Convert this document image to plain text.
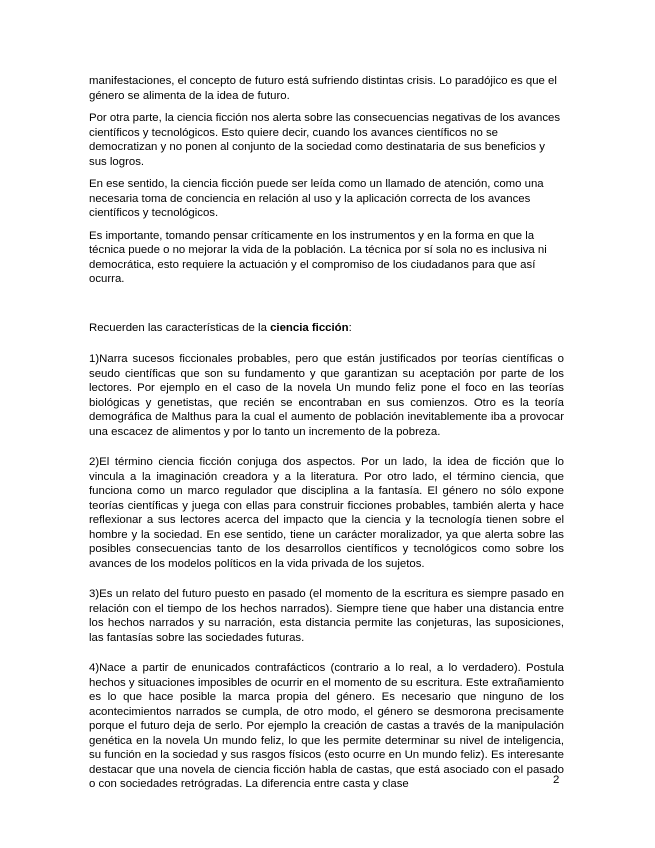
manifestaciones, el concepto de futuro está sufriendo distintas crisis. Lo paradójico es que el género se alimenta de la idea de futuro.

Por otra parte, la ciencia ficción nos alerta sobre las consecuencias negativas de los avances científicos y tecnológicos. Esto quiere decir, cuando los avances científicos no se democratizan y no ponen al conjunto de la sociedad como destinataria de sus beneficios y sus logros.

En ese sentido, la ciencia ficción puede ser leída como un llamado de atención, como una necesaria toma de conciencia en relación al uso y la aplicación correcta de los avances científicos y tecnológicos.

Es importante, tomando pensar críticamente en los instrumentos y en la forma en que la técnica puede o no mejorar la vida de la población. La técnica por sí sola no es inclusiva ni democrática, esto requiere la actuación y el compromiso de los ciudadanos para que así ocurra.

Recuerden las características de la ciencia ficción:

1)Narra sucesos ficcionales probables, pero que están justificados por teorías científicas o seudo científicas que son su fundamento y que garantizan su aceptación por parte de los lectores. Por ejemplo en el caso de la novela Un mundo feliz pone el foco en las teorías biológicas y genetistas, que recién se encontraban en sus comienzos. Otro es la teoría demográfica de Malthus para la cual el aumento de población inevitablemente iba a provocar una escacez de alimentos y por lo tanto un incremento de la pobreza.

2)El término ciencia ficción conjuga dos aspectos. Por un lado, la idea de ficción que lo vincula a la imaginación creadora y a la literatura. Por otro lado, el término ciencia, que funciona como un marco regulador que disciplina a la fantasía. El género no sólo expone teorías científicas y juega con ellas para construir ficciones probables, también alerta y hace reflexionar a sus lectores acerca del impacto que la ciencia y la tecnología tienen sobre el hombre y la sociedad. En ese sentido, tiene un carácter moralizador, ya que alerta sobre las posibles consecuencias tanto de los desarrollos científicos y tecnológicos como sobre los avances de los modelos políticos en la vida privada de los sujetos.

3)Es un relato del futuro puesto en pasado (el momento de la escritura es siempre pasado en relación con el tiempo de los hechos narrados). Siempre tiene que haber una distancia entre los hechos narrados y su narración, esta distancia permite las conjeturas, las suposiciones, las fantasías sobre las sociedades futuras.

4)Nace a partir de enunicados contrafácticos (contrario a lo real, a lo verdadero). Postula hechos y situaciones imposibles de ocurrir en el momento de su escritura. Este extrañamiento es lo que hace posible la marca propia del género. Es necesario que ninguno de los acontecimientos narrados se cumpla, de otro modo, el género se desmorona precisamente porque el futuro deja de serlo. Por ejemplo la creación de castas a través de la manipulación genética en la novela Un mundo feliz, lo que les permite determinar su nivel de inteligencia, su función en la sociedad y sus rasgos físicos (esto ocurre en Un mundo feliz). Es interesante destacar que una novela de ciencia ficción habla de castas, que está asociado con el pasado o con sociedades retrógradas. La diferencia entre casta y clase	2
